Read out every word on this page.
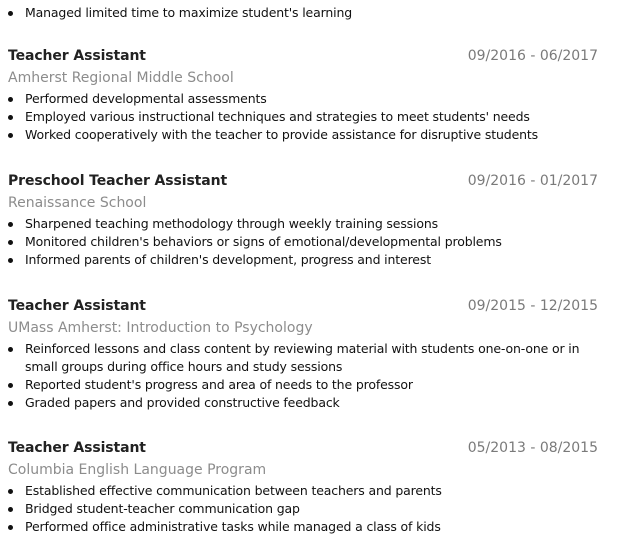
Managed limited time to maximize student's learning
Teacher Assistant	09/2016 - 06/2017
Amherst Regional Middle School
Performed developmental assessments
Employed various instructional techniques and strategies to meet students' needs
Worked cooperatively with the teacher to provide assistance for disruptive students
Preschool Teacher Assistant	09/2016 - 01/2017
Renaissance School
Sharpened teaching methodology through weekly training sessions
Monitored children's behaviors or signs of emotional/developmental problems
Informed parents of children's development, progress and interest
Teacher Assistant	09/2015 - 12/2015
UMass Amherst: Introduction to Psychology
Reinforced lessons and class content by reviewing material with students one-on-one or in small groups during office hours and study sessions
Reported student's progress and area of needs to the professor
Graded papers and provided constructive feedback
Teacher Assistant	05/2013 - 08/2015
Columbia English Language Program
Established effective communication between teachers and parents
Bridged student-teacher communication gap
Performed office administrative tasks while managed a class of kids
